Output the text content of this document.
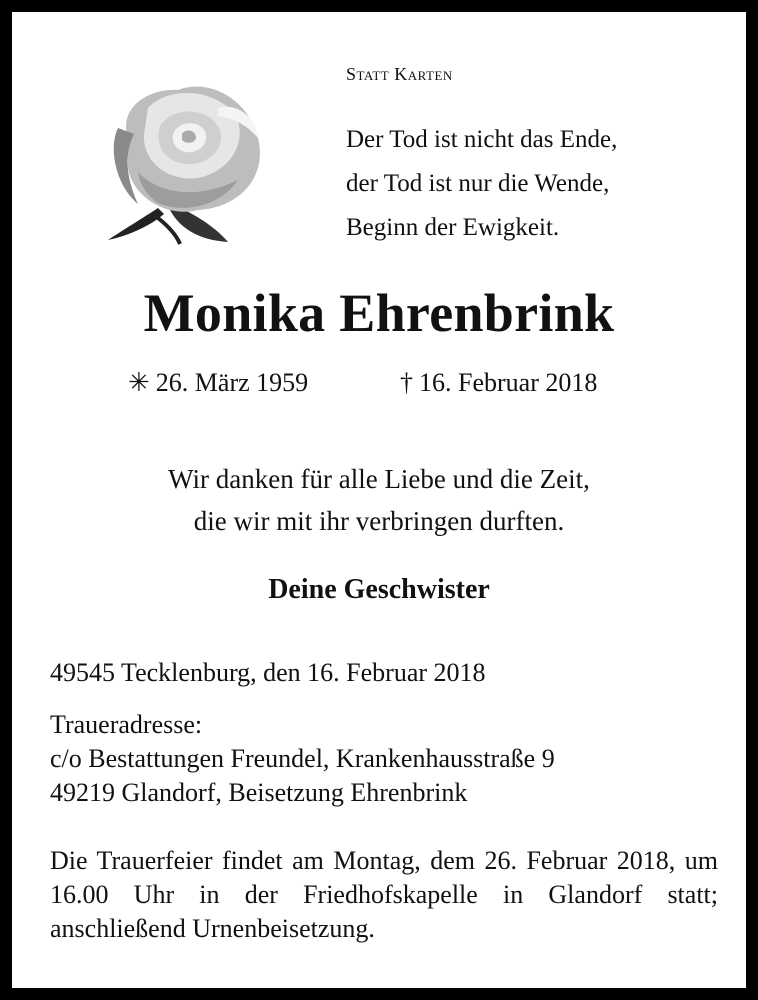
Statt Karten
Der Tod ist nicht das Ende,
der Tod ist nur die Wende,
Beginn der Ewigkeit.
Monika Ehrenbrink
✳ 26. März 1959	† 16. Februar 2018
Wir danken für alle Liebe und die Zeit,
die wir mit ihr verbringen durften.
Deine Geschwister
49545 Tecklenburg, den 16. Februar 2018
Traueradresse:
c/o Bestattungen Freundel, Krankenhausstraße 9
49219 Glandorf, Beisetzung Ehrenbrink
Die Trauerfeier findet am Montag, dem 26. Februar 2018, um 16.00 Uhr in der Friedhofskapelle in Glandorf statt; anschließend Urnenbeisetzung.
